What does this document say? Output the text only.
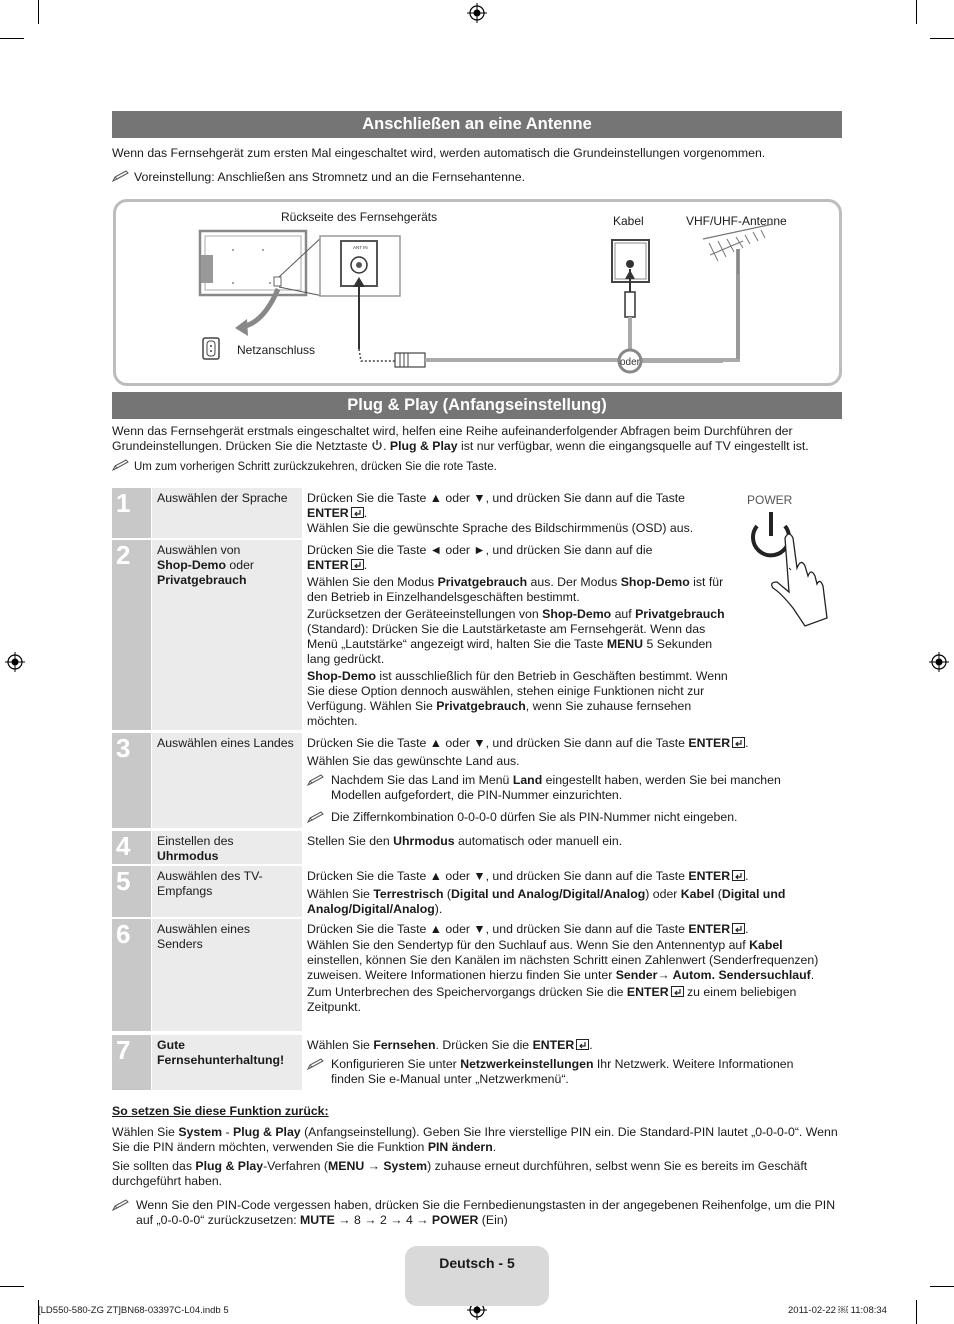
Anschließen an eine Antenne
Wenn das Fernsehgerät zum ersten Mal eingeschaltet wird, werden automatisch die Grundeinstellungen vorgenommen.
Voreinstellung: Anschließen ans Stromnetz und an die Fernsehantenne.
Rückseite des Fernsehgeräts	Kabel	VHF/UHF-Antenne
Netzanschluss
ANT IN
oder
Plug & Play (Anfangseinstellung)
Wenn das Fernsehgerät erstmals eingeschaltet wird, helfen eine Reihe aufeinanderfolgender Abfragen beim Durchführen der
Grundeinstellungen. Drücken Sie die Netztaste . Plug & Play ist nur verfügbar, wenn die eingangsquelle auf TV eingestellt ist.
Um zum vorherigen Schritt zurückzukehren, drücken Sie die rote Taste.
POWER
1	Auswählen der Sprache	Drücken Sie die Taste ▲ oder ▼, und drücken Sie dann auf die Taste
ENTER .

Wählen Sie die gewünschte Sprache des Bildschirmmenüs (OSD) aus.

2	Auswählen von
Shop-Demo oder
Privatgebrauch
Drücken Sie die Taste ◄ oder ►, und drücken Sie dann auf die
ENTER .

Wählen Sie den Modus Privatgebrauch aus. Der Modus Shop-Demo ist für den Betrieb in Einzelhandelsgeschäften bestimmt.

Zurücksetzen der Geräteeinstellungen von Shop-Demo auf Privatgebrauch (Standard): Drücken Sie die Lautstärketaste am Fernsehgerät. Wenn das Menü „Lautstärke“ angezeigt wird, halten Sie die Taste MENU 5 Sekunden lang gedrückt.

Shop-Demo ist ausschließlich für den Betrieb in Geschäften bestimmt. Wenn Sie diese Option dennoch auswählen, stehen einige Funktionen nicht zur Verfügung. Wählen Sie Privatgebrauch, wenn Sie zuhause fernsehen möchten.

3	Auswählen eines Landes	Drücken Sie die Taste ▲ oder ▼, und drücken Sie dann auf die Taste ENTER .

Wählen Sie das gewünschte Land aus.

Nachdem Sie das Land im Menü Land eingestellt haben, werden Sie bei manchen Modellen aufgefordert, die PIN-Nummer einzurichten.
Die Ziffernkombination 0-0-0-0 dürfen Sie als PIN-Nummer nicht eingeben.
4	Einstellen des
Uhrmodus
Stellen Sie den Uhrmodus automatisch oder manuell ein.
5	Auswählen des TV-Empfangs
Drücken Sie die Taste ▲ oder ▼, und drücken Sie dann auf die Taste ENTER .
Wählen Sie Terrestrisch (Digital und Analog/Digital/Analog) oder Kabel (Digital und Analog/Digital/Analog).
6	Auswählen eines Senders
Drücken Sie die Taste ▲ oder ▼, und drücken Sie dann auf die Taste ENTER .

Wählen Sie den Sendertyp für den Suchlauf aus. Wenn Sie den Antennentyp auf Kabel einstellen, können Sie den Kanälen im nächsten Schritt einen Zahlenwert (Senderfrequenzen) zuweisen. Weitere Informationen hierzu finden Sie unter Sender→ Autom. Sendersuchlauf.

Zum Unterbrechen des Speichervorgangs drücken Sie die ENTER zu einem beliebigen Zeitpunkt.

7	Gute Fernsehunterhaltung!
Wählen Sie Fernsehen. Drücken Sie die ENTER .
Konfigurieren Sie unter Netzwerkeinstellungen Ihr Netzwerk. Weitere Informationen finden Sie e-Manual unter „Netzwerkmenü“.
So setzen Sie diese Funktion zurück:
Wählen Sie System - Plug & Play (Anfangseinstellung). Geben Sie Ihre vierstellige PIN ein. Die Standard-PIN lautet „0-0-0-0“. Wenn Sie die PIN ändern möchten, verwenden Sie die Funktion PIN ändern.
Sie sollten das Plug & Play-Verfahren (MENU → System) zuhause erneut durchführen, selbst wenn Sie es bereits im Geschäft durchgeführt haben.
Wenn Sie den PIN-Code vergessen haben, drücken Sie die Fernbedienungstasten in der angegebenen Reihenfolge, um die PIN auf „0-0-0-0“ zurückzusetzen: MUTE → 8 → 2 → 4 → POWER (Ein)
Deutsch - 5
[LD550-580-ZG ZT]BN68-03397C-L04.indb 5	2011-02-22 ￼ 11:08:34
